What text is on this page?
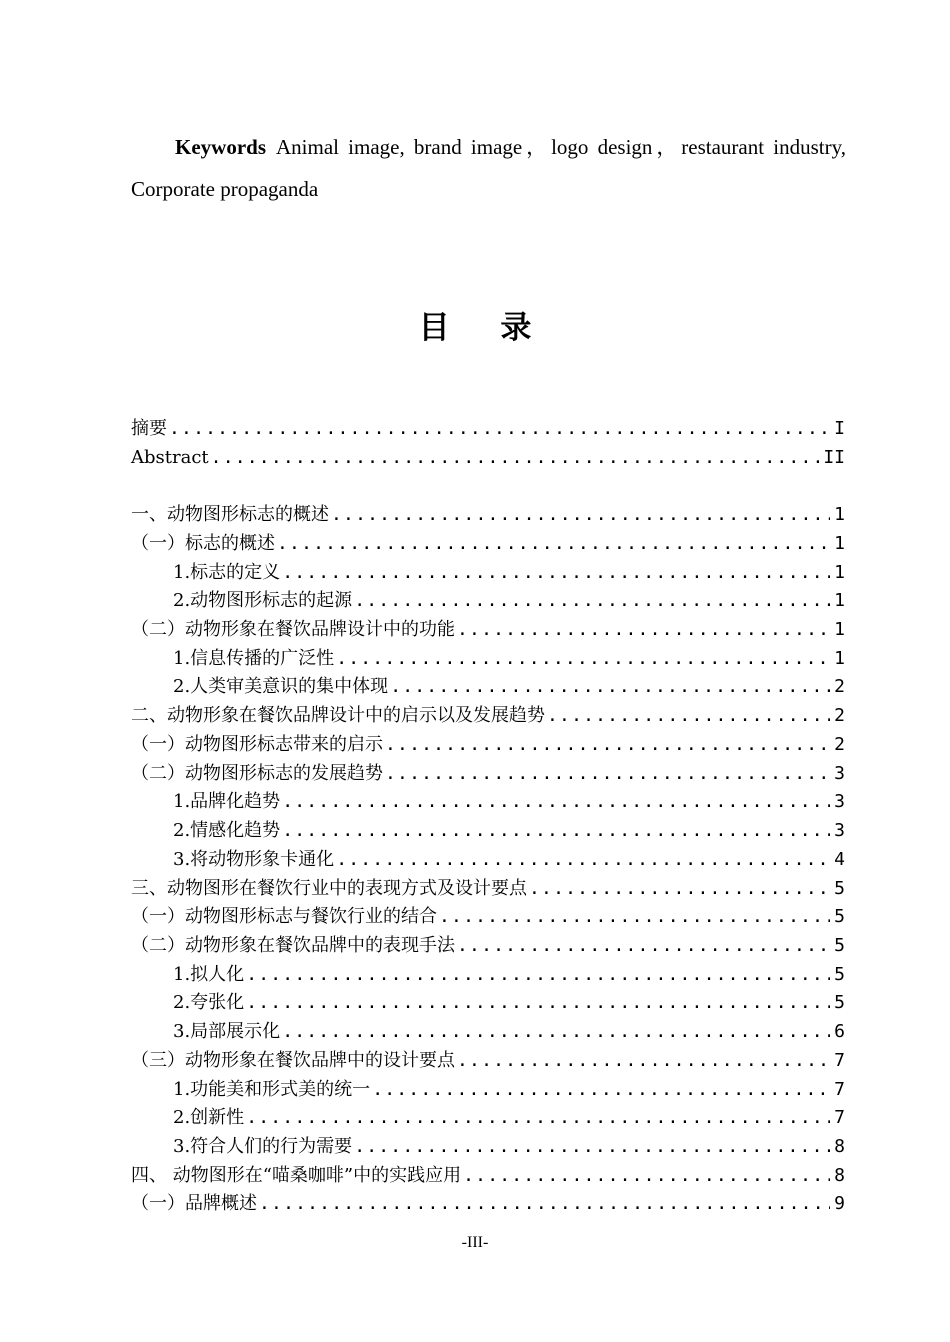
Keywords Animal image, brand image，logo design，restaurant industry, Corporate propaganda

目 录
摘要 .....	I
Abstract .....	II
一、动物图形标志的概述 .....	1
（一）标志的概述 .....	1
1.标志的定义 .....	1
2.动物图形标志的起源 .....	1
（二）动物形象在餐饮品牌设计中的功能 .....	1
1.信息传播的广泛性 .....	1
2.人类审美意识的集中体现 .....	2
二、动物形象在餐饮品牌设计中的启示以及发展趋势 .....	2
（一）动物图形标志带来的启示 .....	2
（二）动物图形标志的发展趋势 .....	3
1.品牌化趋势 .....	3
2.情感化趋势 .....	3
3.将动物形象卡通化 .....	4
三、动物图形在餐饮行业中的表现方式及设计要点 .....	5
（一）动物图形标志与餐饮行业的结合 .....	5
（二）动物形象在餐饮品牌中的表现手法 .....	5
1.拟人化 .....	5
2.夸张化 .....	5
3.局部展示化 .....	6
（三）动物形象在餐饮品牌中的设计要点 .....	7
1.功能美和形式美的统一 .....	7
2.创新性 .....	7
3.符合人们的行为需要 .....	8
四、 动物图形在“喵桑咖啡”中的实践应用 .....	8
（一）品牌概述 .....	9
-III-
